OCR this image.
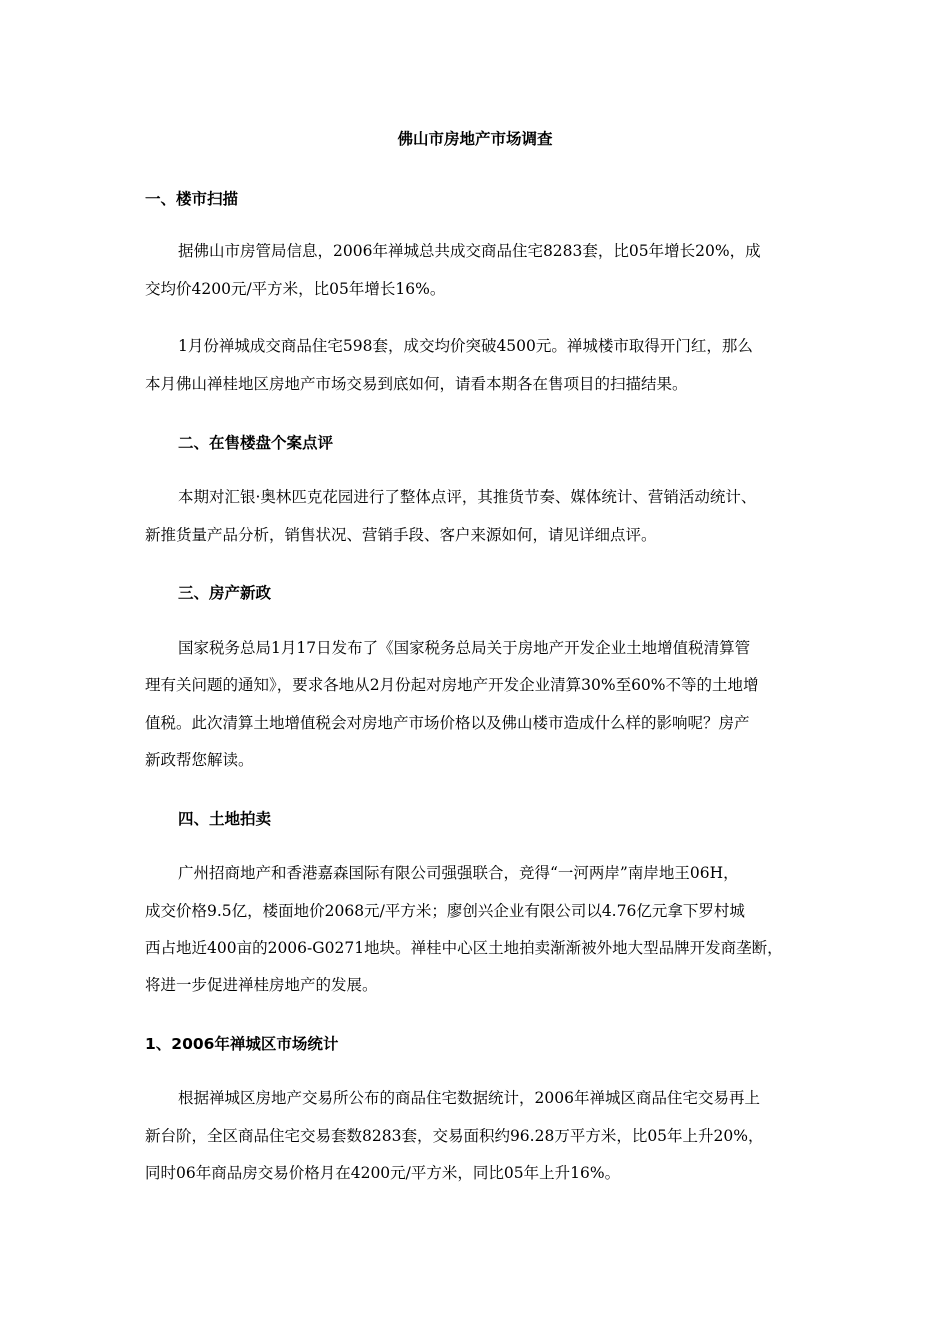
佛山市房地产市场调查
一、楼市扫描
据佛山市房管局信息，2006年禅城总共成交商品住宅8283套，比05年增长20%，成
交均价4200元/平方米，比05年增长16%。
1月份禅城成交商品住宅598套，成交均价突破4500元。禅城楼市取得开门红，那么
本月佛山禅桂地区房地产市场交易到底如何，请看本期各在售项目的扫描结果。
二、在售楼盘个案点评
本期对汇银·奥林匹克花园进行了整体点评，其推货节奏、媒体统计、营销活动统计、
新推货量产品分析，销售状况、营销手段、客户来源如何，请见详细点评。
三、房产新政
国家税务总局1月17日发布了《国家税务总局关于房地产开发企业土地增值税清算管
理有关问题的通知》，要求各地从2月份起对房地产开发企业清算30%至60%不等的土地增
值税。此次清算土地增值税会对房地产市场价格以及佛山楼市造成什么样的影响呢？房产
新政帮您解读。
四、土地拍卖
广州招商地产和香港嘉森国际有限公司强强联合，竞得“一河两岸”南岸地王06H，
成交价格9.5亿，楼面地价2068元/平方米；廖创兴企业有限公司以4.76亿元拿下罗村城
西占地近400亩的2006-G0271地块。禅桂中心区土地拍卖渐渐被外地大型品牌开发商垄断，
将进一步促进禅桂房地产的发展。
1、2006年禅城区市场统计
根据禅城区房地产交易所公布的商品住宅数据统计，2006年禅城区商品住宅交易再上
新台阶，全区商品住宅交易套数8283套，交易面积约96.28万平方米，比05年上升20%，
同时06年商品房交易价格月在4200元/平方米，同比05年上升16%。
